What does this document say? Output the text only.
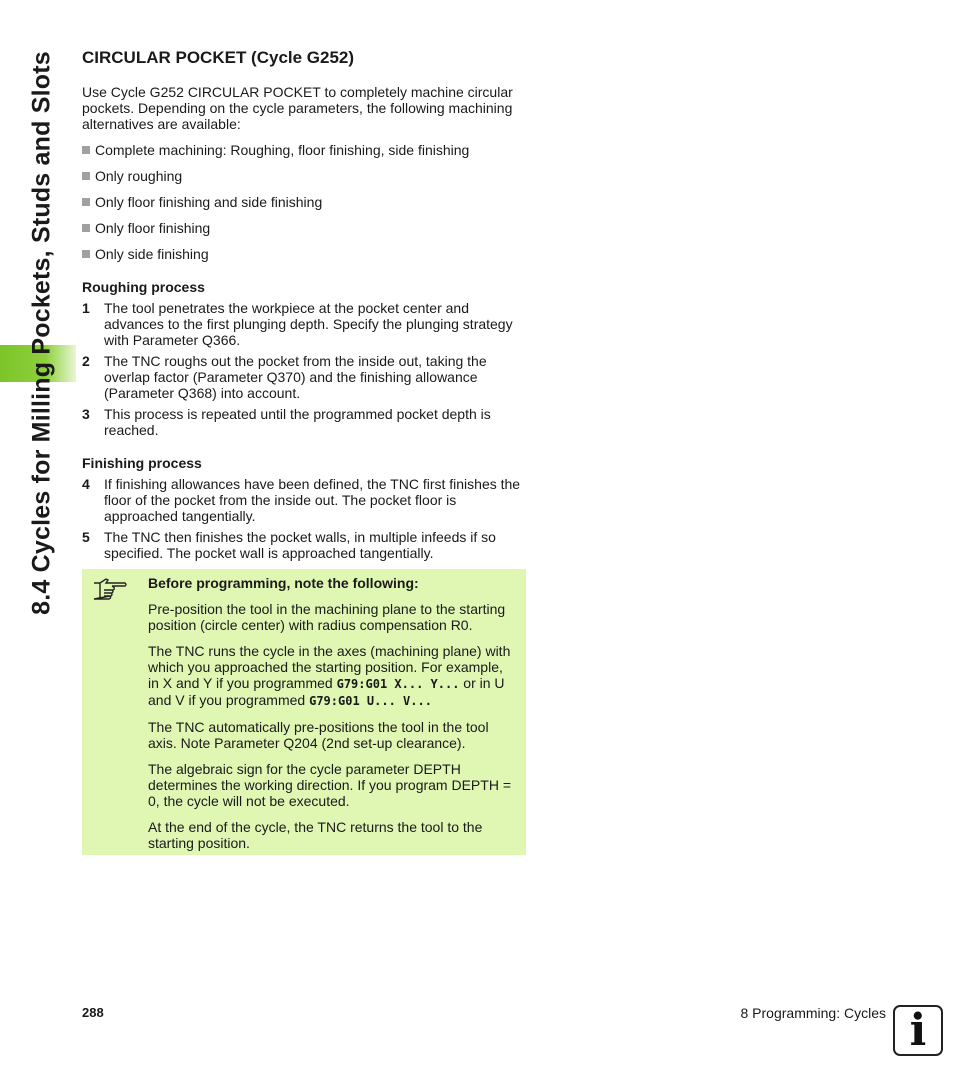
8.4 Cycles for Milling Pockets, Studs and Slots CIRCULAR POCKET (Cycle G252)

Use Cycle G252 CIRCULAR POCKET to completely machine circular pockets. Depending on the cycle parameters, the following machining alternatives are available:

Complete machining: Roughing, floor finishing, side finishing
Only roughing
Only floor finishing and side finishing
Only floor finishing
Only side finishing
Roughing process
1	The tool penetrates the workpiece at the pocket center and advances to the first plunging depth. Specify the plunging strategy with Parameter Q366.
2	The TNC roughs out the pocket from the inside out, taking the overlap factor (Parameter Q370) and the finishing allowance (Parameter Q368) into account.
3	This process is repeated until the programmed pocket depth is reached.
Finishing process
4	If finishing allowances have been defined, the TNC first finishes the floor of the pocket from the inside out. The pocket floor is approached tangentially.
5	The TNC then finishes the pocket walls, in multiple infeeds if so specified. The pocket wall is approached tangentially.

Before programming, note the following:

Pre-position the tool in the machining plane to the starting position (circle center) with radius compensation R0.

The TNC runs the cycle in the axes (machining plane) with which you approached the starting position. For example, in X and Y if you programmed G79:G01 X... Y... or in U and V if you programmed G79:G01 U... V...

The TNC automatically pre-positions the tool in the tool axis. Note Parameter Q204 (2nd set-up clearance).

The algebraic sign for the cycle parameter DEPTH determines the working direction. If you program DEPTH = 0, the cycle will not be executed.

At the end of the cycle, the TNC returns the tool to the starting position.

288	8 Programming: Cycles i
